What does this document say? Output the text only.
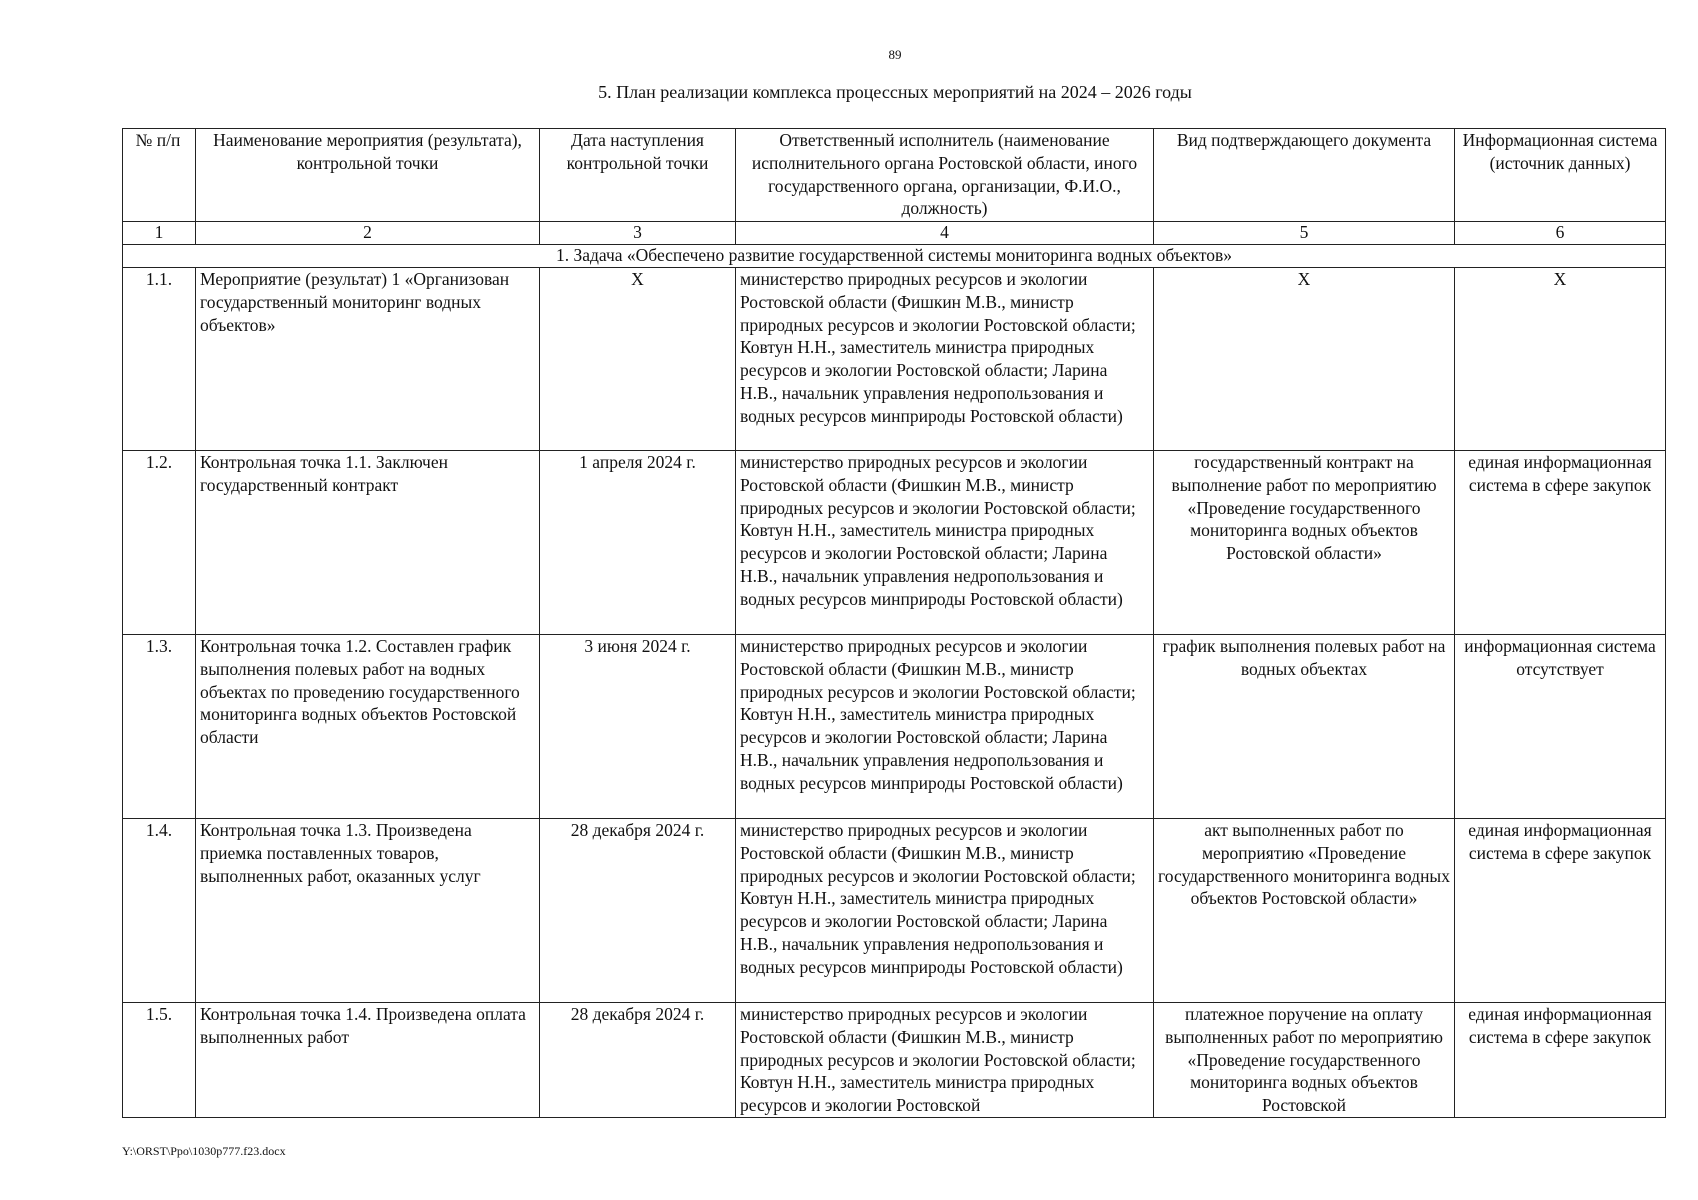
89
5. План реализации комплекса процессных мероприятий на 2024 – 2026 годы
№ п/п	Наименование мероприятия (результата), контрольной точки	Дата наступления контрольной точки	Ответственный исполнитель (наименование исполнительного органа Ростовской области, иного государственного органа, организации, Ф.И.О., должность)	Вид подтверждающего документа	Информационная система (источник данных)
1	2	3	4	5	6
1. Задача «Обеспечено развитие государственной системы мониторинга водных объектов»					
1.1.	Мероприятие (результат) 1 «Организован государственный мониторинг водных объектов»	X	министерство природных ресурсов и экологии Ростовской области (Фишкин М.В., министр природных ресурсов и экологии Ростовской области; Ковтун Н.Н., заместитель министра природных ресурсов и экологии Ростовской области; Ларина Н.В., начальник управления недропользования и водных ресурсов минприроды Ростовской области)	X	X
1.2.	Контрольная точка 1.1. Заключен государственный контракт	1 апреля 2024 г.	министерство природных ресурсов и экологии Ростовской области (Фишкин М.В., министр природных ресурсов и экологии Ростовской области; Ковтун Н.Н., заместитель министра природных ресурсов и экологии Ростовской области; Ларина Н.В., начальник управления недропользования и водных ресурсов минприроды Ростовской области)	государственный контракт на выполнение работ по мероприятию «Проведение государственного мониторинга водных объектов Ростовской области»	единая информационная система в сфере закупок
1.3.	Контрольная точка 1.2. Составлен график выполнения полевых работ на водных объектах по проведению государственного мониторинга водных объектов Ростовской области	3 июня 2024 г.	министерство природных ресурсов и экологии Ростовской области (Фишкин М.В., министр природных ресурсов и экологии Ростовской области; Ковтун Н.Н., заместитель министра природных ресурсов и экологии Ростовской области; Ларина Н.В., начальник управления недропользования и водных ресурсов минприроды Ростовской области)	график выполнения полевых работ на водных объектах	информационная система отсутствует
1.4.	Контрольная точка 1.3. Произведена приемка поставленных товаров, выполненных работ, оказанных услуг	28 декабря 2024 г.	министерство природных ресурсов и экологии Ростовской области (Фишкин М.В., министр природных ресурсов и экологии Ростовской области; Ковтун Н.Н., заместитель министра природных ресурсов и экологии Ростовской области; Ларина Н.В., начальник управления недропользования и водных ресурсов минприроды Ростовской области)	акт выполненных работ по мероприятию «Проведение государственного мониторинга водных объектов Ростовской области»	единая информационная система в сфере закупок
1.5.	Контрольная точка 1.4. Произведена оплата выполненных работ	28 декабря 2024 г.	министерство природных ресурсов и экологии Ростовской области (Фишкин М.В., министр природных ресурсов и экологии Ростовской области; Ковтун Н.Н., заместитель министра природных ресурсов и экологии Ростовской	платежное поручение на оплату выполненных работ по мероприятию «Проведение государственного мониторинга водных объектов Ростовской	единая информационная система в сфере закупок
Y:\ORST\Ppo\1030p777.f23.docx
